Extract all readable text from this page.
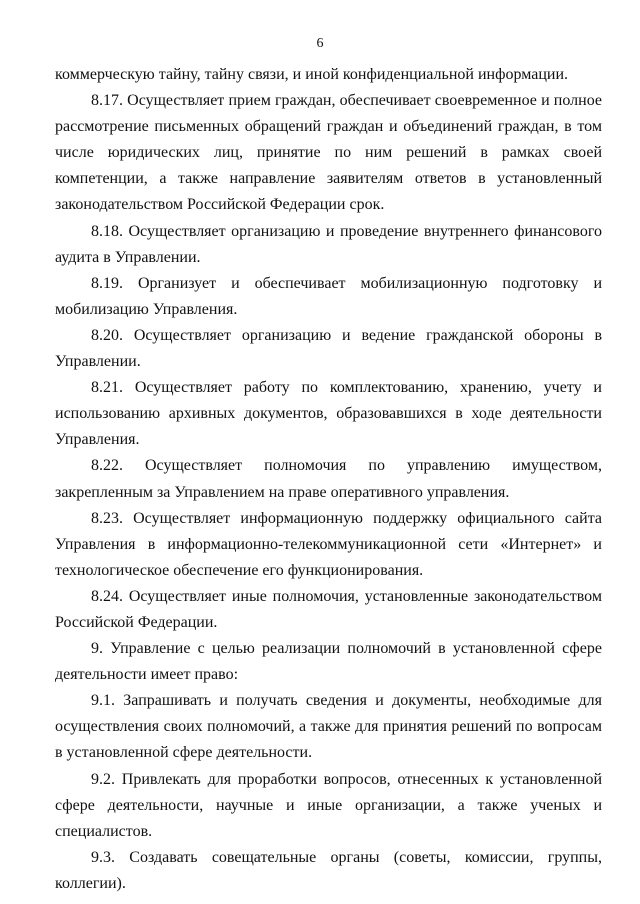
6

коммерческую тайну, тайну связи, и иной конфиденциальной информации.

8.17. Осуществляет прием граждан, обеспечивает своевременное и полное рассмотрение письменных обращений граждан и объединений граждан, в том числе юридических лиц, принятие по ним решений в рамках своей компетенции, а также направление заявителям ответов в установленный законодательством Российской Федерации срок.

8.18. Осуществляет организацию и проведение внутреннего финансового аудита в Управлении.

8.19. Организует и обеспечивает мобилизационную подготовку и мобилизацию Управления.

8.20. Осуществляет организацию и ведение гражданской обороны в Управлении.

8.21. Осуществляет работу по комплектованию, хранению, учету и использованию архивных документов, образовавшихся в ходе деятельности Управления.

8.22. Осуществляет полномочия по управлению имуществом, закрепленным за Управлением на праве оперативного управления.

8.23. Осуществляет информационную поддержку официального сайта Управления в информационно-телекоммуникационной сети «Интернет» и технологическое обеспечение его функционирования.

8.24. Осуществляет иные полномочия, установленные законодательством Российской Федерации.

9. Управление с целью реализации полномочий в установленной сфере деятельности имеет право:

9.1. Запрашивать и получать сведения и документы, необходимые для осуществления своих полномочий, а также для принятия решений по вопросам в установленной сфере деятельности.

9.2. Привлекать для проработки вопросов, отнесенных к установленной сфере деятельности, научные и иные организации, а также ученых и специалистов.

9.3. Создавать совещательные органы (советы, комиссии, группы, коллегии).
